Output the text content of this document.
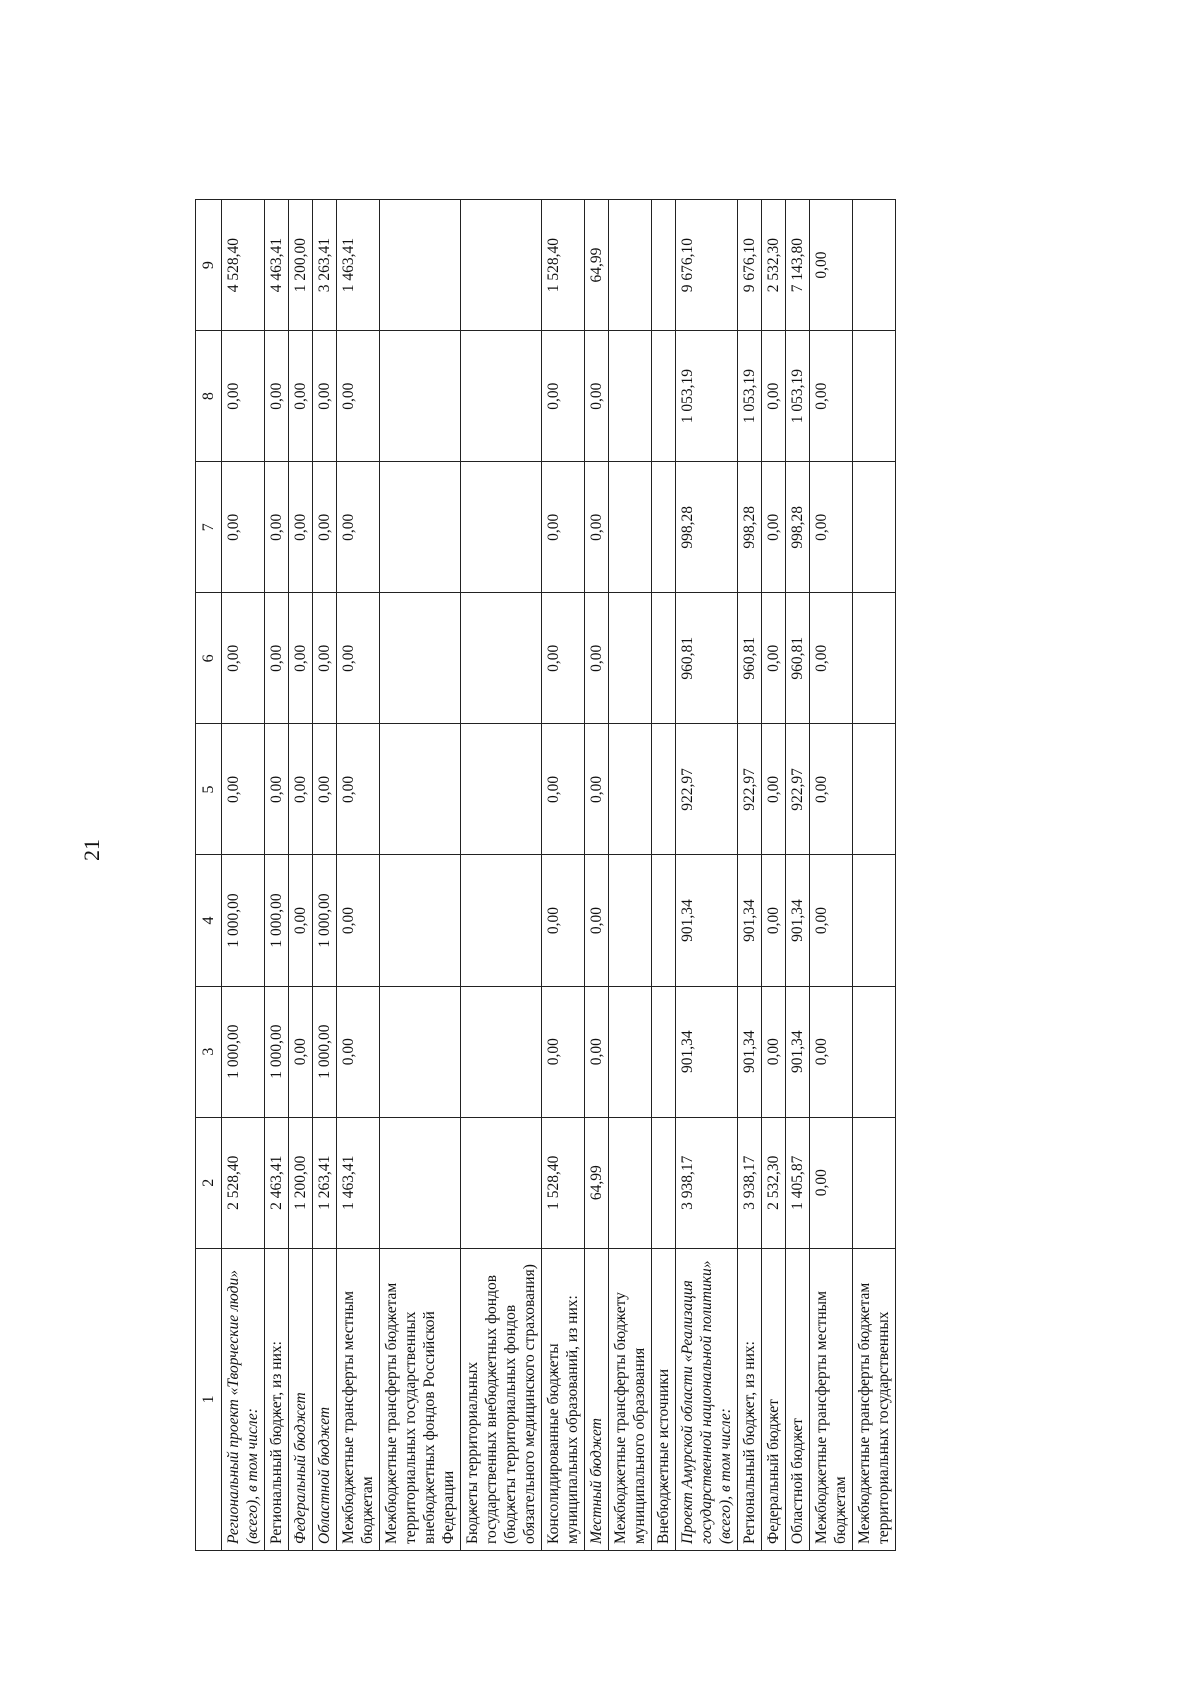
21
1	2	3	4	5	6	7	8	9
Региональный проект «Творческие люди» (всего), в том числе:	2 528,40	1 000,00	1 000,00	0,00	0,00	0,00	0,00	4 528,40
Региональный бюджет, из них:	2 463,41	1 000,00	1 000,00	0,00	0,00	0,00	0,00	4 463,41
Федеральный бюджет	1 200,00	0,00	0,00	0,00	0,00	0,00	0,00	1 200,00
Областной бюджет	1 263,41	1 000,00	1 000,00	0,00	0,00	0,00	0,00	3 263,41
Межбюджетные трансферты местным бюджетам	1 463,41	0,00	0,00	0,00	0,00	0,00	0,00	1 463,41
Межбюджетные трансферты бюджетам территориальных государственных внебюджетных фондов Российской Федерации								
Бюджеты территориальных государственных внебюджетных фондов (бюджеты территориальных фондов обязательного медицинского страхования)								
Консолидированные бюджеты муниципальных образований, из них:	1 528,40	0,00	0,00	0,00	0,00	0,00	0,00	1 528,40
Местный бюджет	64,99	0,00	0,00	0,00	0,00	0,00	0,00	64,99
Межбюджетные трансферты бюджету муниципального образования								
Внебюджетные источники								
Проект Амурской области «Реализация государственной национальной политики» (всего), в том числе:	3 938,17	901,34	901,34	922,97	960,81	998,28	1 053,19	9 676,10
Региональный бюджет, из них:	3 938,17	901,34	901,34	922,97	960,81	998,28	1 053,19	9 676,10
Федеральный бюджет	2 532,30	0,00	0,00	0,00	0,00	0,00	0,00	2 532,30
Областной бюджет	1 405,87	901,34	901,34	922,97	960,81	998,28	1 053,19	7 143,80
Межбюджетные трансферты местным бюджетам	0,00	0,00	0,00	0,00	0,00	0,00	0,00	0,00
Межбюджетные трансферты бюджетам территориальных государственных								
